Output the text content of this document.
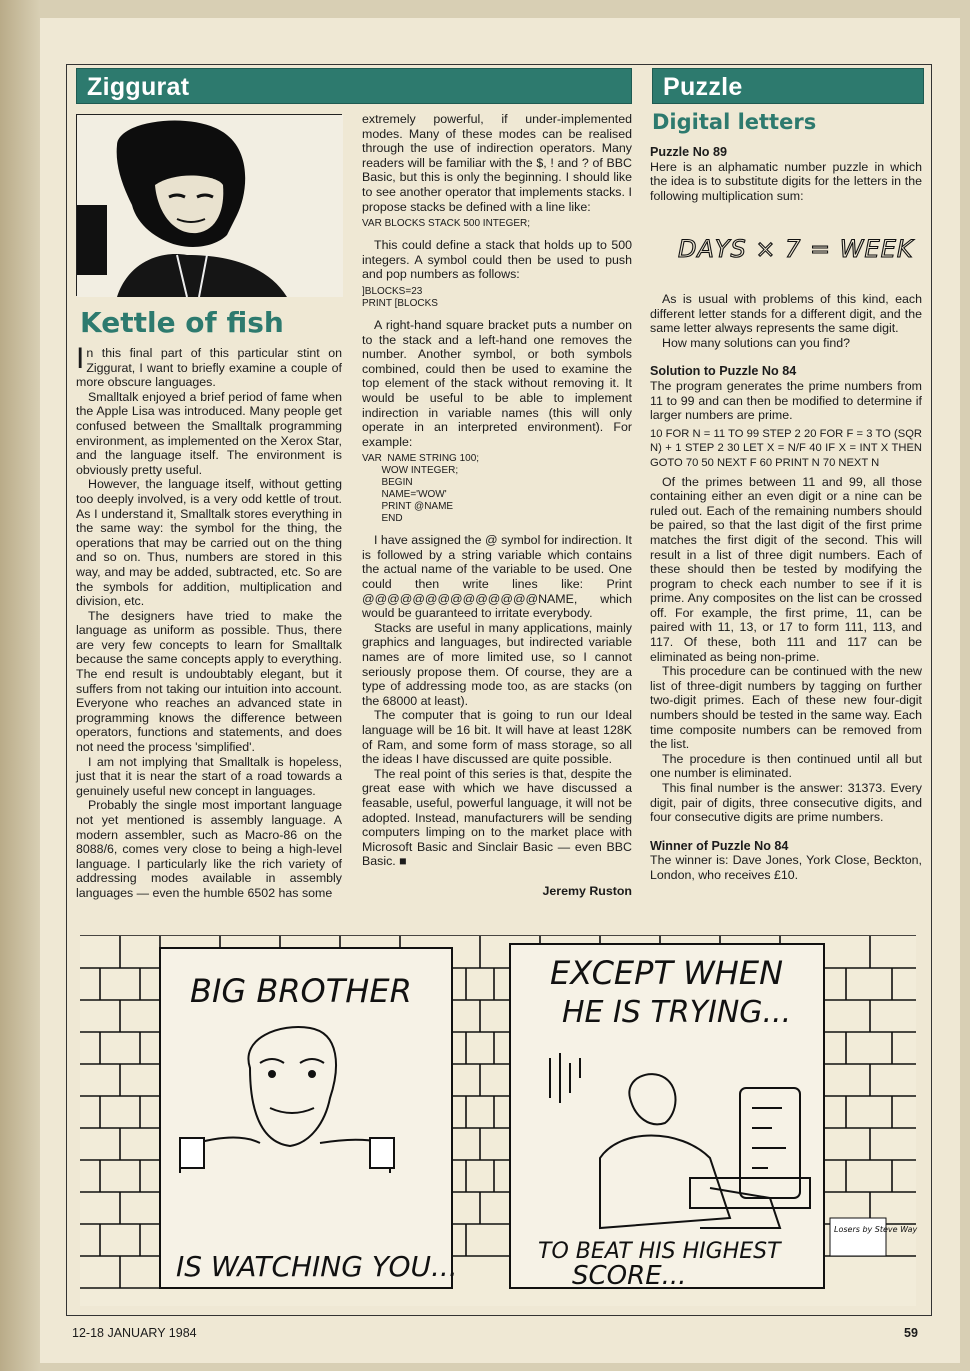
Ziggurat
Kettle of fish

In this final part of this particular stint on Ziggurat, I want to briefly examine a couple of more obscure languages.

Smalltalk enjoyed a brief period of fame when the Apple Lisa was introduced. Many people get confused between the Smalltalk programming environment, as implemented on the Xerox Star, and the language itself. The environment is obviously pretty useful.

However, the language itself, without getting too deeply involved, is a very odd kettle of trout. As I understand it, Smalltalk stores everything in the same way: the symbol for the thing, the operations that may be carried out on the thing and so on. Thus, numbers are stored in this way, and may be added, subtracted, etc. So are the symbols for addition, multiplication and division, etc.

The designers have tried to make the language as uniform as possible. Thus, there are very few concepts to learn for Smalltalk because the same concepts apply to everything. The end result is undoubtably elegant, but it suffers from not taking our intuition into account. Everyone who reaches an advanced state in programming knows the difference between operators, functions and statements, and does not need the process 'simplified'.

I am not implying that Smalltalk is hopeless, just that it is near the start of a road towards a genuinely useful new concept in languages.

Probably the single most important language not yet mentioned is assembly language. A modern assembler, such as Macro-86 on the 8088/6, comes very close to being a high-level language. I particularly like the rich variety of addressing modes available in assembly languages — even the humble 6502 has some

extremely powerful, if under-implemented modes. Many of these modes can be realised through the use of indirection operators. Many readers will be familiar with the $, ! and ? of BBC Basic, but this is only the beginning. I should like to see another operator that implements stacks. I propose stacks be defined with a line like:

VAR BLOCKS STACK 500 INTEGER;

This could define a stack that holds up to 500 integers. A symbol could then be used to push and pop numbers as follows:

]BLOCKS=23
PRINT [BLOCKS

A right-hand square bracket puts a number on to the stack and a left-hand one removes the number. Another symbol, or both symbols combined, could then be used to examine the top element of the stack without removing it. It would be useful to be able to implement indirection in variable names (this will only operate in an interpreted environment). For example:

VAR  NAME STRING 100;
WOW INTEGER;
BEGIN
NAME='WOW'
PRINT @NAME
END

I have assigned the @ symbol for indirection. It is followed by a string variable which contains the actual name of the variable to be used. One could then write lines like: Print @@@@@@@@@@@@@@NAME, which would be guaranteed to irritate everybody.

Stacks are useful in many applications, mainly graphics and languages, but indirected variable names are of more limited use, so I cannot seriously propose them. Of course, they are a type of addressing mode too, as are stacks (on the 68000 at least).

The computer that is going to run our Ideal language will be 16 bit. It will have at least 128K of Ram, and some form of mass storage, so all the ideas I have discussed are quite possible.

The real point of this series is that, despite the great ease with which we have discussed a feasable, useful, powerful language, it will not be adopted. Instead, manufacturers will be sending computers limping on to the market place with Microsoft Basic and Sinclair Basic — even BBC Basic. ■

Jeremy Ruston
Puzzle
Digital letters
Puzzle No 89

Here is an alphamatic number puzzle in which the idea is to substitute digits for the letters in the following multiplication sum:

DAYS × 7 = WEEK

As is usual with problems of this kind, each different letter stands for a different digit, and the same letter always represents the same digit.

How many solutions can you find?

Solution to Puzzle No 84

The program generates the prime numbers from 11 to 99 and can then be modified to determine if larger numbers are prime.

10 FOR N = 11 TO 99 STEP 2 20 FOR F = 3 TO (SQR N) + 1 STEP 2 30 LET X = N/F 40 IF X = INT X THEN GOTO 70 50 NEXT F 60 PRINT N 70 NEXT N

Of the primes between 11 and 99, all those containing either an even digit or a nine can be ruled out. Each of the remaining numbers should be paired, so that the last digit of the first prime matches the first digit of the second. This will result in a list of three digit numbers. Each of these should then be tested by modifying the program to check each number to see if it is prime. Any composites on the list can be crossed off. For example, the first prime, 11, can be paired with 11, 13, or 17 to form 111, 113, and 117. Of these, both 111 and 117 can be eliminated as being non-prime.

This procedure can be continued with the new list of three-digit numbers by tagging on further two-digit primes. Each of these new four-digit numbers should be tested in the same way. Each time composite numbers can be removed from the list.

The procedure is then continued until all but one number is eliminated.

This final number is the answer: 31373. Every digit, pair of digits, three consecutive digits, and four consecutive digits are prime numbers.

Winner of Puzzle No 84

The winner is: Dave Jones, York Close, Beckton, London, who receives £10.

BIG BROTHER
IS WATCHING YOU...
EXCEPT WHEN
HE IS TRYING...
TO BEAT HIS HIGHEST
SCORE...
Losers by Steve Way
12-18 JANUARY 1984	59
